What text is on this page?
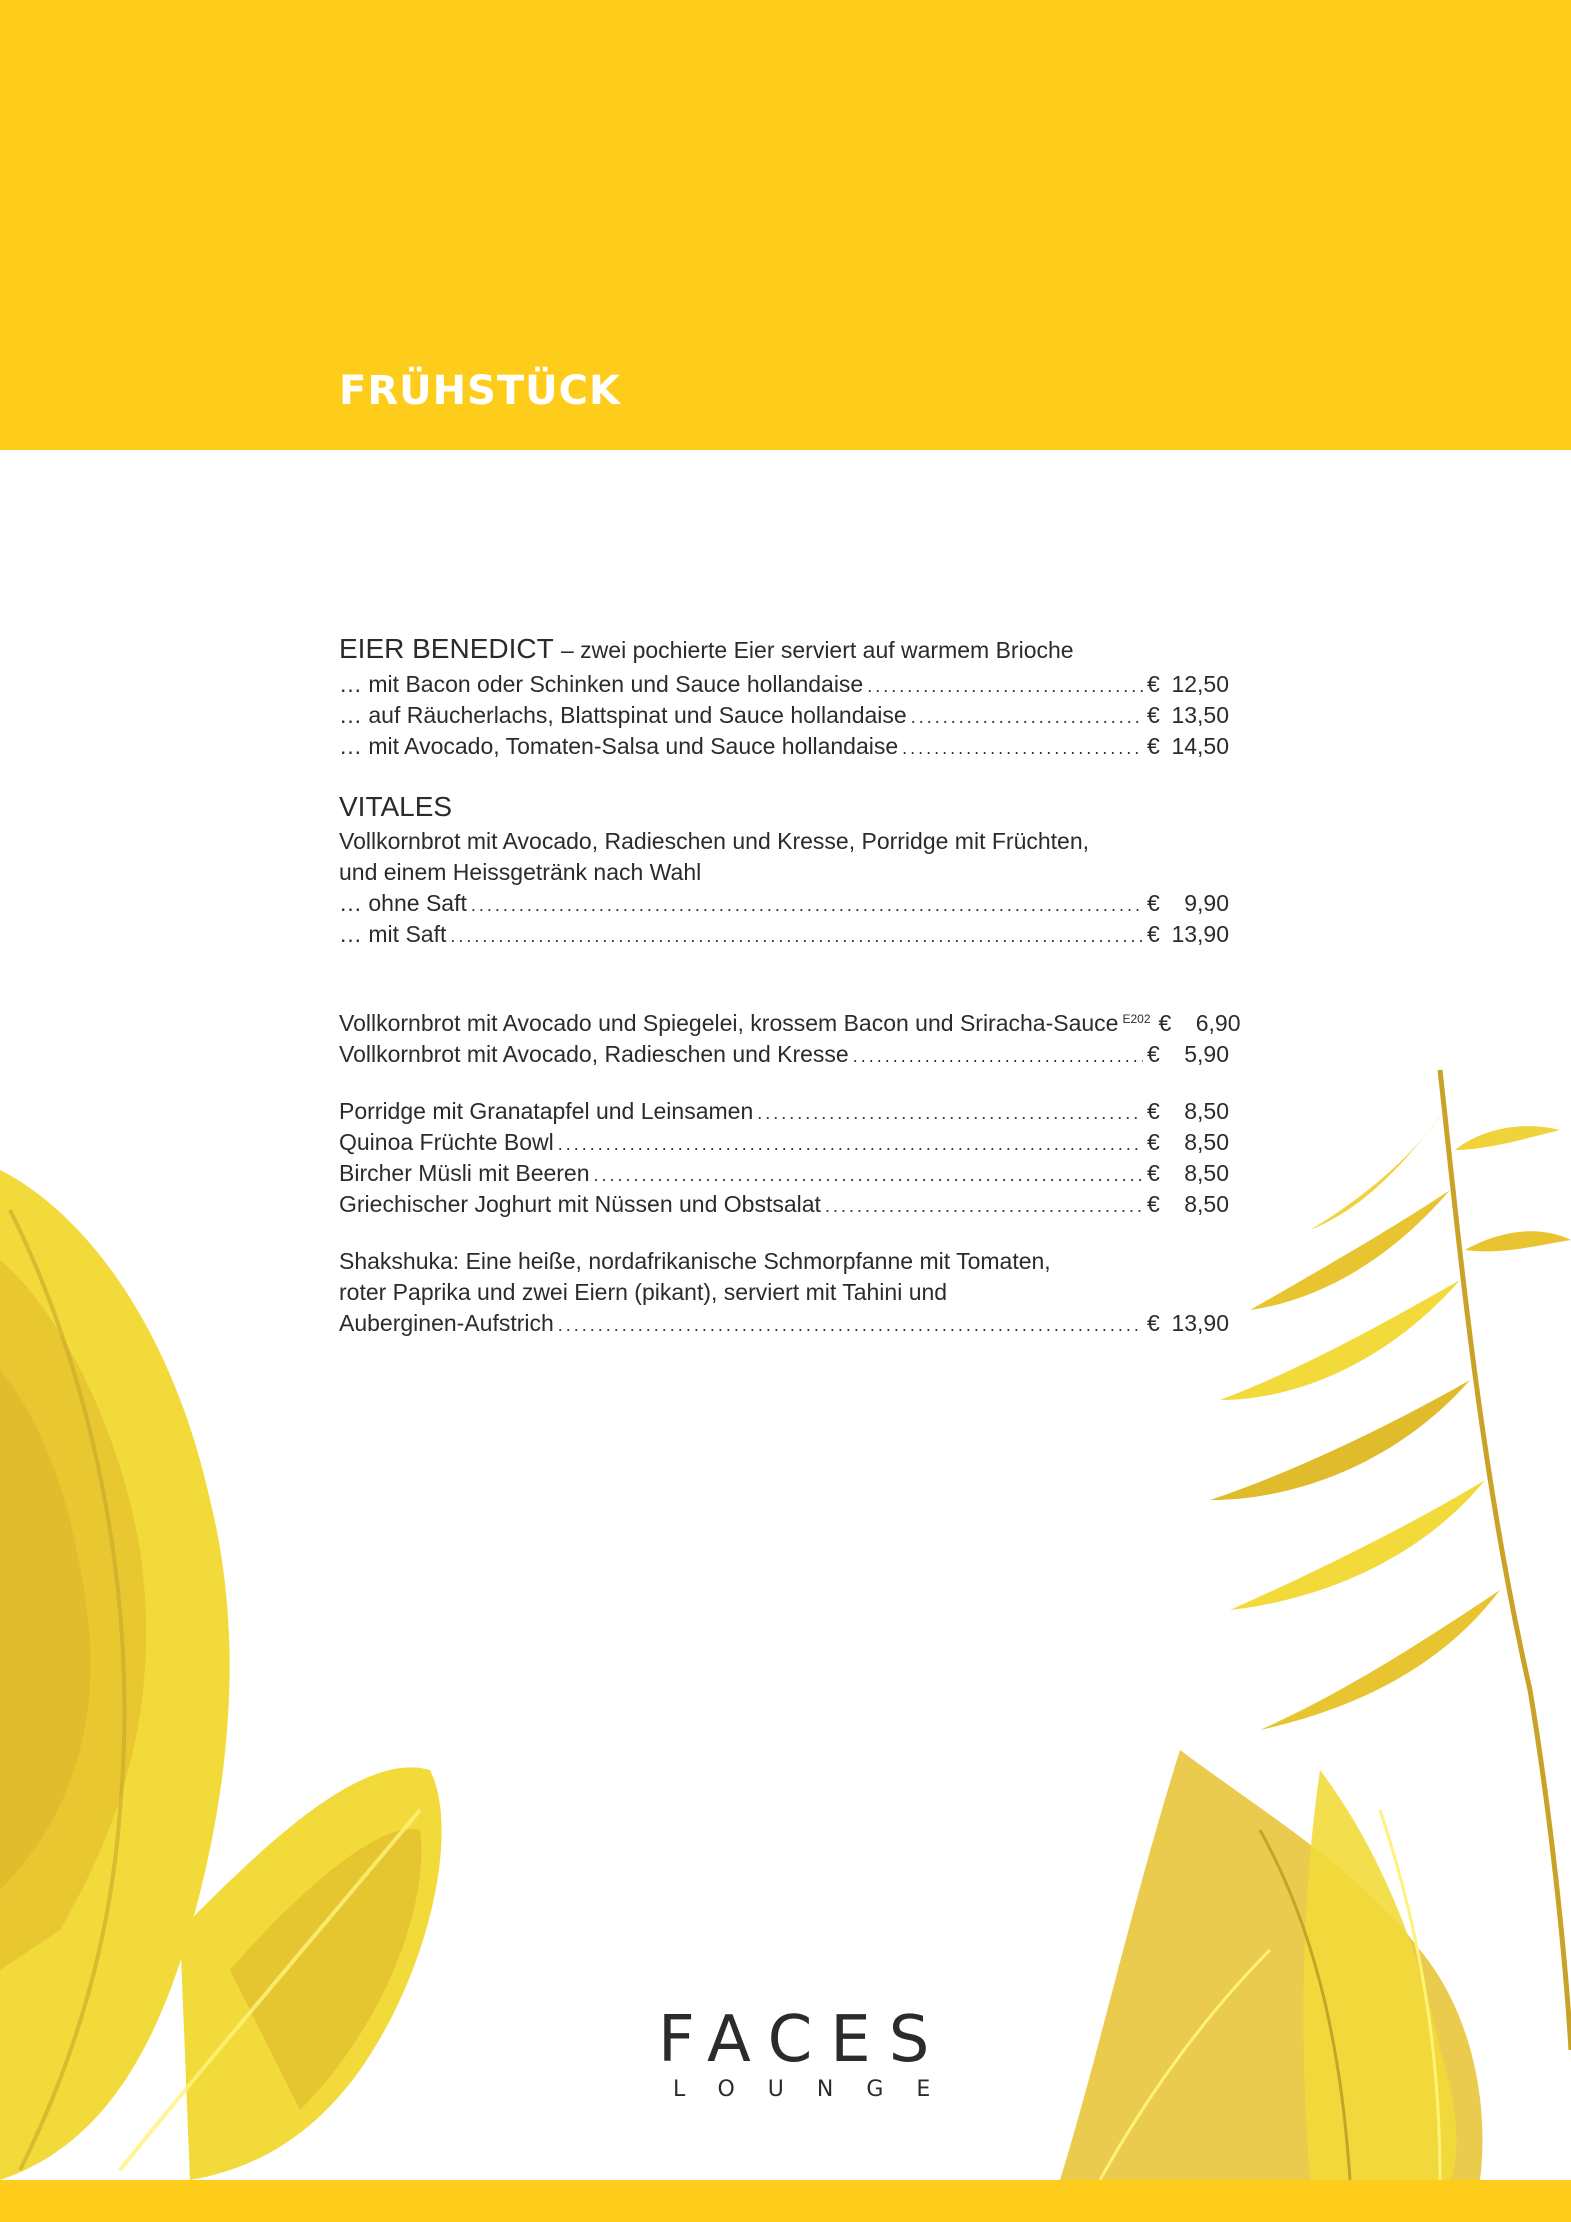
FRÜHSTÜCK
EIER BENEDICT – zwei pochierte Eier serviert auf warmem Brioche
… mit Bacon oder Schinken und Sauce hollandaise .....	€ 12,50
… auf Räucherlachs, Blattspinat und Sauce hollandaise .....	€ 13,50
… mit Avocado, Tomaten-Salsa und Sauce hollandaise .....	€ 14,50
VITALES
Vollkornbrot mit Avocado, Radieschen und Kresse, Porridge mit Früchten,
und einem Heissgetränk nach Wahl
… ohne Saft .....	€ 9,90
… mit Saft .....	€ 13,90
Vollkornbrot mit Avocado und Spiegelei, krossem Bacon und Sriracha-Sauce $^{E202}$ € 6,90
Vollkornbrot mit Avocado, Radieschen und Kresse .....	€ 5,90
Porridge mit Granatapfel und Leinsamen .....	€ 8,50
Quinoa Früchte Bowl .....	€ 8,50
Bircher Müsli mit Beeren .....	€ 8,50
Griechischer Joghurt mit Nüssen und Obstsalat .....	€ 8,50
Shakshuka: Eine heiße, nordafrikanische Schmorpfanne mit Tomaten,
roter Paprika und zwei Eiern (pikant), serviert mit Tahini und
Auberginen-Aufstrich .....	€ 13,90
FACES
LOUNGE
